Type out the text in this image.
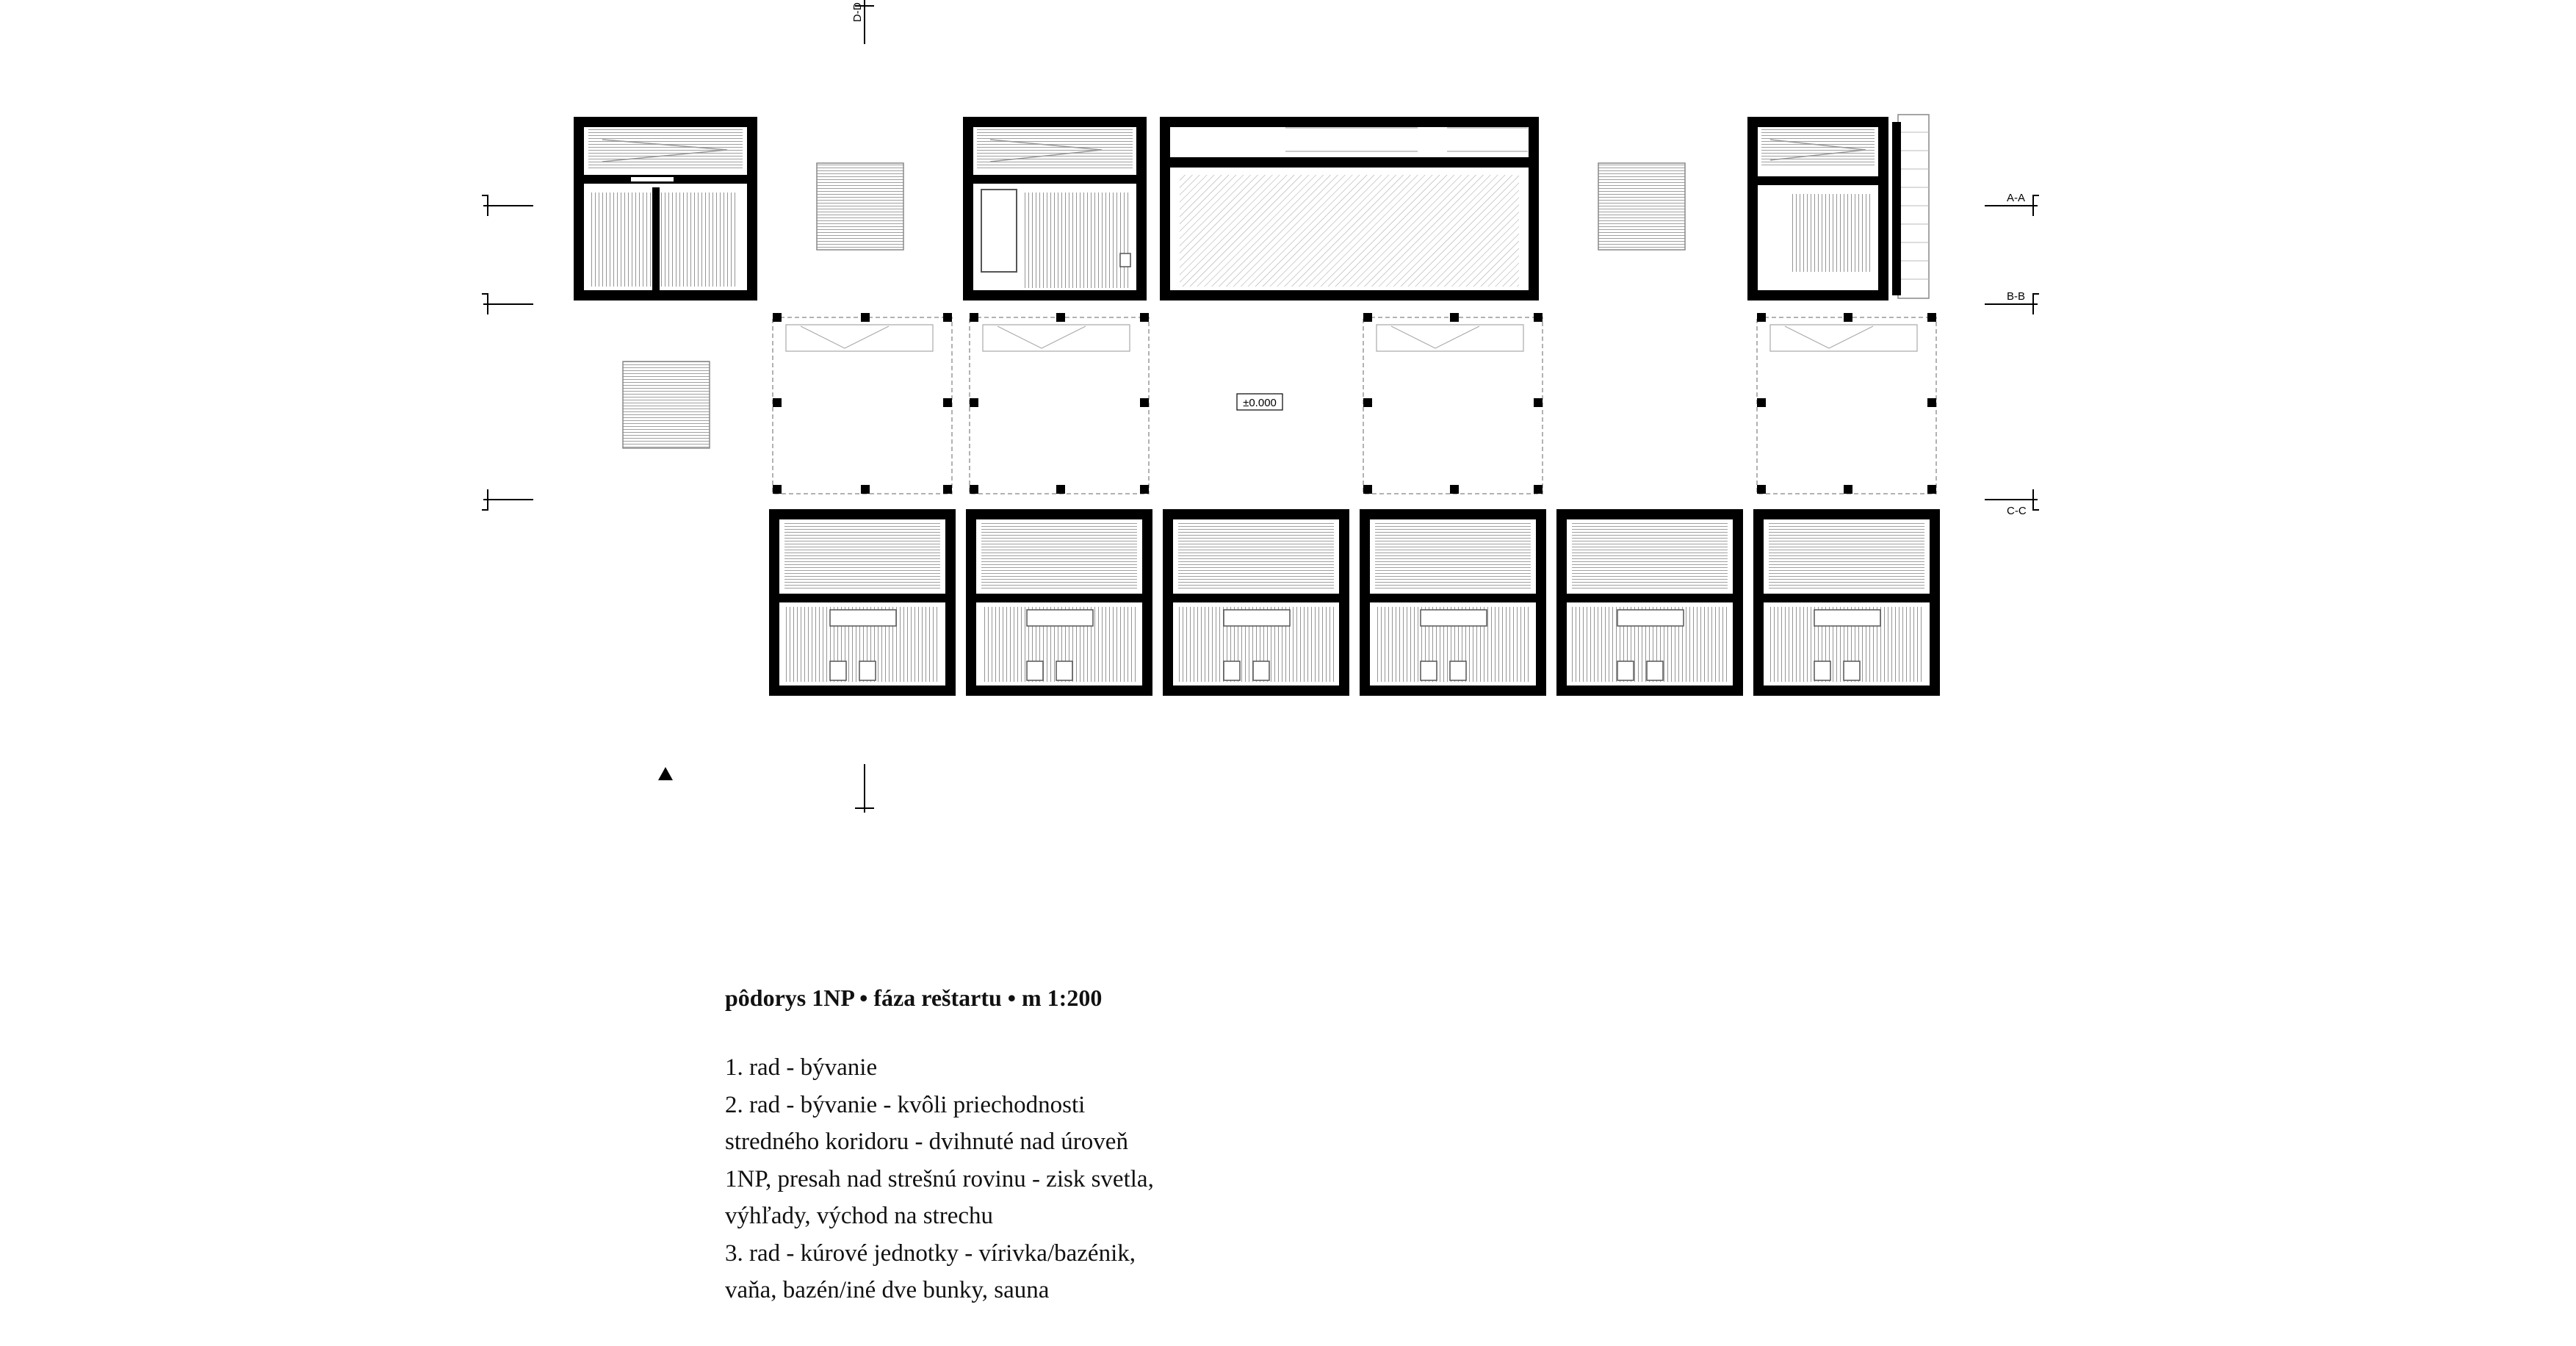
±0.000
A-A
B-B
C-C
D-D
pôdorys 1NP • fáza reštartu • m 1:200
1. rad - bývanie
2. rad - bývanie - kvôli priechodnosti
stredného koridoru - dvihnuté nad úroveň
1NP, presah nad strešnú rovinu - zisk svetla,
výhľady, východ na strechu
3. rad - kúrové jednotky - vírivka/bazénik,
vaňa, bazén/iné dve bunky, sauna
